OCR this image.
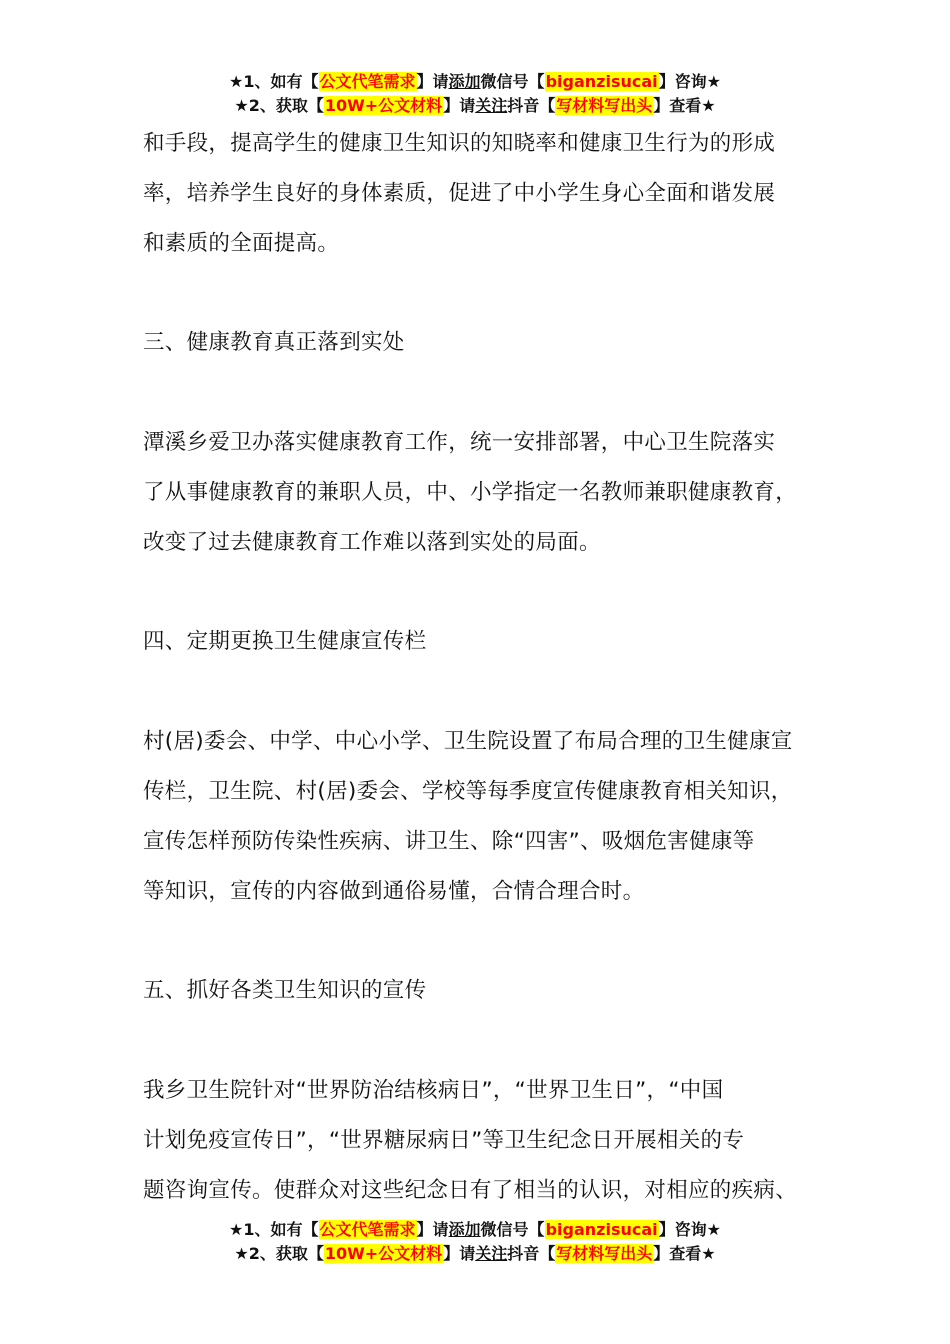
★1、如有【公文代笔需求】请添加微信号【biganzisucai】咨询★
★2、获取【10W+公文材料】请关注抖音【写材料写出头】查看★
和手段，提高学生的健康卫生知识的知晓率和健康卫生行为的形成
率，培养学生良好的身体素质，促进了中小学生身心全面和谐发展
和素质的全面提高。
三、健康教育真正落到实处
潭溪乡爱卫办落实健康教育工作，统一安排部署，中心卫生院落实
了从事健康教育的兼职人员，中、小学指定一名教师兼职健康教育，
改变了过去健康教育工作难以落到实处的局面。
四、定期更换卫生健康宣传栏
村(居)委会、中学、中心小学、卫生院设置了布局合理的卫生健康宣
传栏，卫生院、村(居)委会、学校等每季度宣传健康教育相关知识，
宣传怎样预防传染性疾病、讲卫生、除“四害”、吸烟危害健康等
等知识，宣传的内容做到通俗易懂，合情合理合时。
五、抓好各类卫生知识的宣传
我乡卫生院针对“世界防治结核病日”，“世界卫生日”，“中国
计划免疫宣传日”，“世界糖尿病日”等卫生纪念日开展相关的专
题咨询宣传。使群众对这些纪念日有了相当的认识，对相应的疾病、
★1、如有【公文代笔需求】请添加微信号【biganzisucai】咨询★
★2、获取【10W+公文材料】请关注抖音【写材料写出头】查看★
